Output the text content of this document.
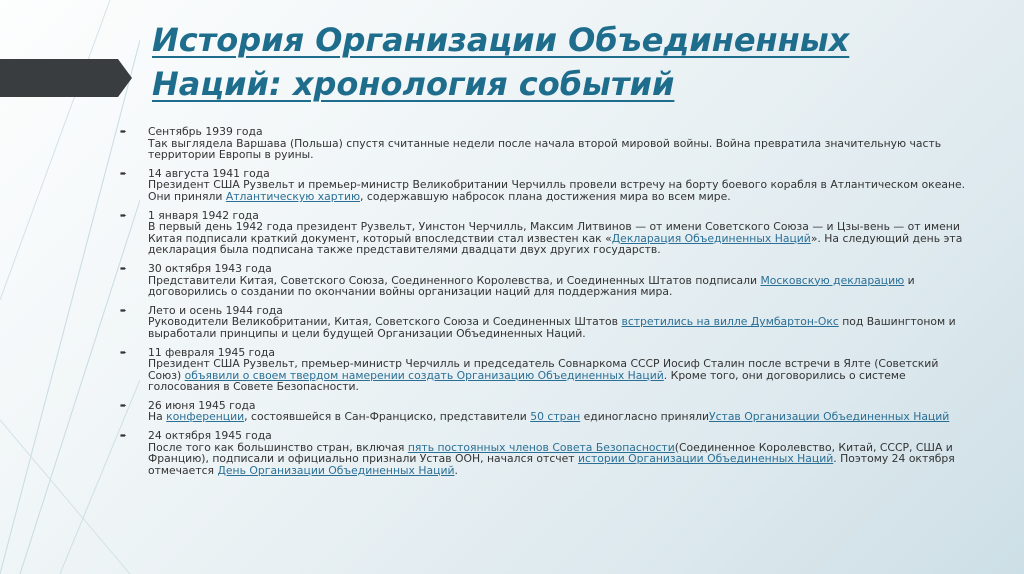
История Организации Объединенных Наций: хронология событий
➨ Сентябрь 1939 года
Так выглядела Варшава (Польша) спустя считанные недели после начала второй мировой войны. Война превратила значительную часть территории Европы в руины.
➨ 14 августа 1941 года
Президент США Рузвельт и премьер-министр Великобритании Черчилль провели встречу на борту боевого корабля в Атлантическом океане. Они приняли Атлантическую хартию, содержавшую набросок плана достижения мира во всем мире.
➨ 1 января 1942 года
В первый день 1942 года президент Рузвельт, Уинстон Черчилль, Максим Литвинов — от имени Советского Союза — и Цзы-вень — от имени Китая подписали краткий документ, который впоследствии стал известен как «Декларация Объединенных Наций». На следующий день эта декларация была подписана также представителями двадцати двух других государств.
➨ 30 октября 1943 года
Представители Китая, Советского Союза, Соединенного Королевства, и Соединенных Штатов подписали Московскую декларацию и договорились о создании по окончании войны организации наций для поддержания мира.
➨ Лето и осень 1944 года
Руководители Великобритании, Китая, Советского Союза и Соединенных Штатов встретились на вилле Думбартон-Окс под Вашингтоном и выработали принципы и цели будущей Организации Объединенных Наций.
➨ 11 февраля 1945 года
Президент США Рузвельт, премьер-министр Черчилль и председатель Совнаркома СССР Иосиф Сталин после встречи в Ялте (Советский Союз) объявили о своем твердом намерении создать Организацию Объединенных Наций. Кроме того, они договорились о системе голосования в Совете Безопасности.
➨ 26 июня 1945 года
На конференции, состоявшейся в Сан-Франциско, представители 50 стран единогласно принялиУстав Организации Объединенных Наций
➨ 24 октября 1945 года
После того как большинство стран, включая пять постоянных членов Совета Безопасности(Соединенное Королевство, Китай, СССР, США и Францию), подписали и официально признали Устав ООН, начался отсчет истории Организации Объединенных Наций. Поэтому 24 октября отмечается День Организации Объединенных Наций.
